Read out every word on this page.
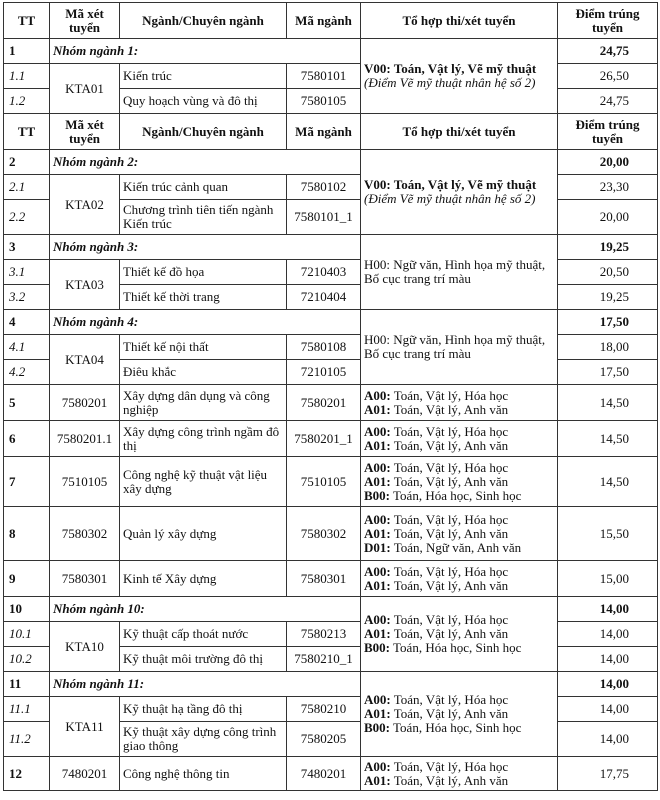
TT	Mã xét tuyển	Ngành/Chuyên ngành	Mã ngành	Tổ hợp thi/xét tuyển	Điểm trúng tuyển
1	Nhóm ngành 1:			V00: Toán, Vật lý, Vẽ mỹ thuật
(Điểm Vẽ mỹ thuật nhân hệ số 2)	24,75
1.1	KTA01	Kiến trúc	7580101		26,50
1.2		Quy hoạch vùng và đô thị	7580105		24,75
TT	Mã xét tuyển	Ngành/Chuyên ngành	Mã ngành	Tổ hợp thi/xét tuyển	Điểm trúng tuyển
2	Nhóm ngành 2:			V00: Toán, Vật lý, Vẽ mỹ thuật
(Điểm Vẽ mỹ thuật nhân hệ số 2)	20,00
2.1	KTA02	Kiến trúc cảnh quan	7580102		23,30
2.2		Chương trình tiên tiến ngành Kiến trúc	7580101_1		20,00
3	Nhóm ngành 3:			H00: Ngữ văn, Hình họa mỹ thuật, Bố cục trang trí màu	19,25
3.1	KTA03	Thiết kế đồ họa	7210403		20,50
3.2		Thiết kế thời trang	7210404		19,25
4	Nhóm ngành 4:			H00: Ngữ văn, Hình họa mỹ thuật, Bố cục trang trí màu	17,50
4.1	KTA04	Thiết kế nội thất	7580108		18,00
4.2		Điêu khắc	7210105		17,50
5	7580201	Xây dựng dân dụng và công nghiệp	7580201	A00: Toán, Vật lý, Hóa học
A01: Toán, Vật lý, Anh văn	14,50
6	7580201.1	Xây dựng công trình ngầm đô thị	7580201_1	A00: Toán, Vật lý, Hóa học
A01: Toán, Vật lý, Anh văn	14,50
7	7510105	Công nghệ kỹ thuật vật liệu xây dựng	7510105	A00: Toán, Vật lý, Hóa học
A01: Toán, Vật lý, Anh văn
B00: Toán, Hóa học, Sinh học	14,50
8	7580302	Quản lý xây dựng	7580302	A00: Toán, Vật lý, Hóa học
A01: Toán, Vật lý, Anh văn
D01: Toán, Ngữ văn, Anh văn	15,50
9	7580301	Kinh tế Xây dựng	7580301	A00: Toán, Vật lý, Hóa học
A01: Toán, Vật lý, Anh văn	15,00
10	Nhóm ngành 10:			A00: Toán, Vật lý, Hóa học
A01: Toán, Vật lý, Anh văn
B00: Toán, Hóa học, Sinh học	14,00
10.1	KTA10	Kỹ thuật cấp thoát nước	7580213		14,00
10.2		Kỹ thuật môi trường đô thị	7580210_1		14,00
11	Nhóm ngành 11:			A00: Toán, Vật lý, Hóa học
A01: Toán, Vật lý, Anh văn
B00: Toán, Hóa học, Sinh học	14,00
11.1	KTA11	Kỹ thuật hạ tầng đô thị	7580210		14,00
11.2		Kỹ thuật xây dựng công trình giao thông	7580205		14,00
12	7480201	Công nghệ thông tin	7480201	A00: Toán, Vật lý, Hóa học
A01: Toán, Vật lý, Anh văn	17,75
